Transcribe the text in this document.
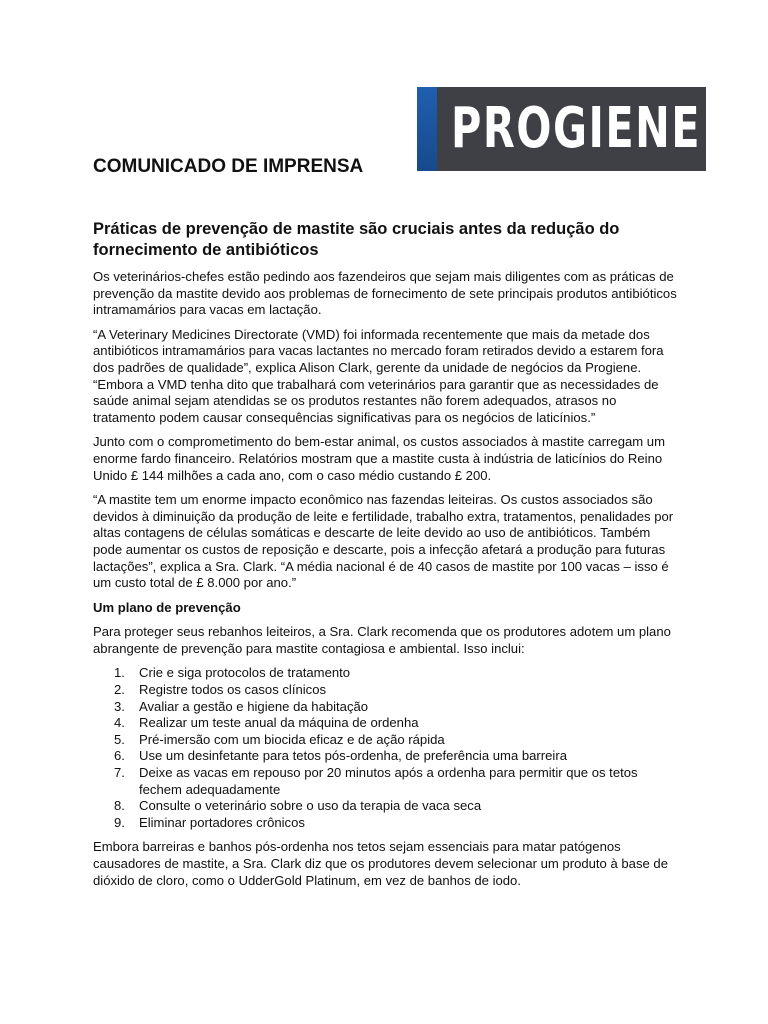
PROGIENE
COMUNICADO DE IMPRENSA
Práticas de prevenção de mastite são cruciais antes da redução do fornecimento de antibióticos

Os veterinários-chefes estão pedindo aos fazendeiros que sejam mais diligentes com as práticas de prevenção da mastite devido aos problemas de fornecimento de sete principais produtos antibióticos intramamários para vacas em lactação.

“A Veterinary Medicines Directorate (VMD) foi informada recentemente que mais da metade dos antibióticos intramamários para vacas lactantes no mercado foram retirados devido a estarem fora dos padrões de qualidade”, explica Alison Clark, gerente da unidade de negócios da Progiene. “Embora a VMD tenha dito que trabalhará com veterinários para garantir que as necessidades de saúde animal sejam atendidas se os produtos restantes não forem adequados, atrasos no tratamento podem causar consequências significativas para os negócios de laticínios.”

Junto com o comprometimento do bem-estar animal, os custos associados à mastite carregam um enorme fardo financeiro. Relatórios mostram que a mastite custa à indústria de laticínios do Reino Unido £ 144 milhões a cada ano, com o caso médio custando £ 200.

“A mastite tem um enorme impacto econômico nas fazendas leiteiras. Os custos associados são devidos à diminuição da produção de leite e fertilidade, trabalho extra, tratamentos, penalidades por altas contagens de células somáticas e descarte de leite devido ao uso de antibióticos. Também pode aumentar os custos de reposição e descarte, pois a infecção afetará a produção para futuras lactações”, explica a Sra. Clark. “A média nacional é de 40 casos de mastite por 100 vacas – isso é um custo total de £ 8.000 por ano.”

Um plano de prevenção

Para proteger seus rebanhos leiteiros, a Sra. Clark recomenda que os produtores adotem um plano abrangente de prevenção para mastite contagiosa e ambiental. Isso inclui:

1. Crie e siga protocolos de tratamento
2. Registre todos os casos clínicos
3. Avaliar a gestão e higiene da habitação
4. Realizar um teste anual da máquina de ordenha
5. Pré-imersão com um biocida eficaz e de ação rápida
6. Use um desinfetante para tetos pós-ordenha, de preferência uma barreira
7. Deixe as vacas em repouso por 20 minutos após a ordenha para permitir que os tetos fechem adequadamente
8. Consulte o veterinário sobre o uso da terapia de vaca seca
9. Eliminar portadores crônicos

Embora barreiras e banhos pós-ordenha nos tetos sejam essenciais para matar patógenos causadores de mastite, a Sra. Clark diz que os produtores devem selecionar um produto à base de dióxido de cloro, como o UdderGold Platinum, em vez de banhos de iodo.
